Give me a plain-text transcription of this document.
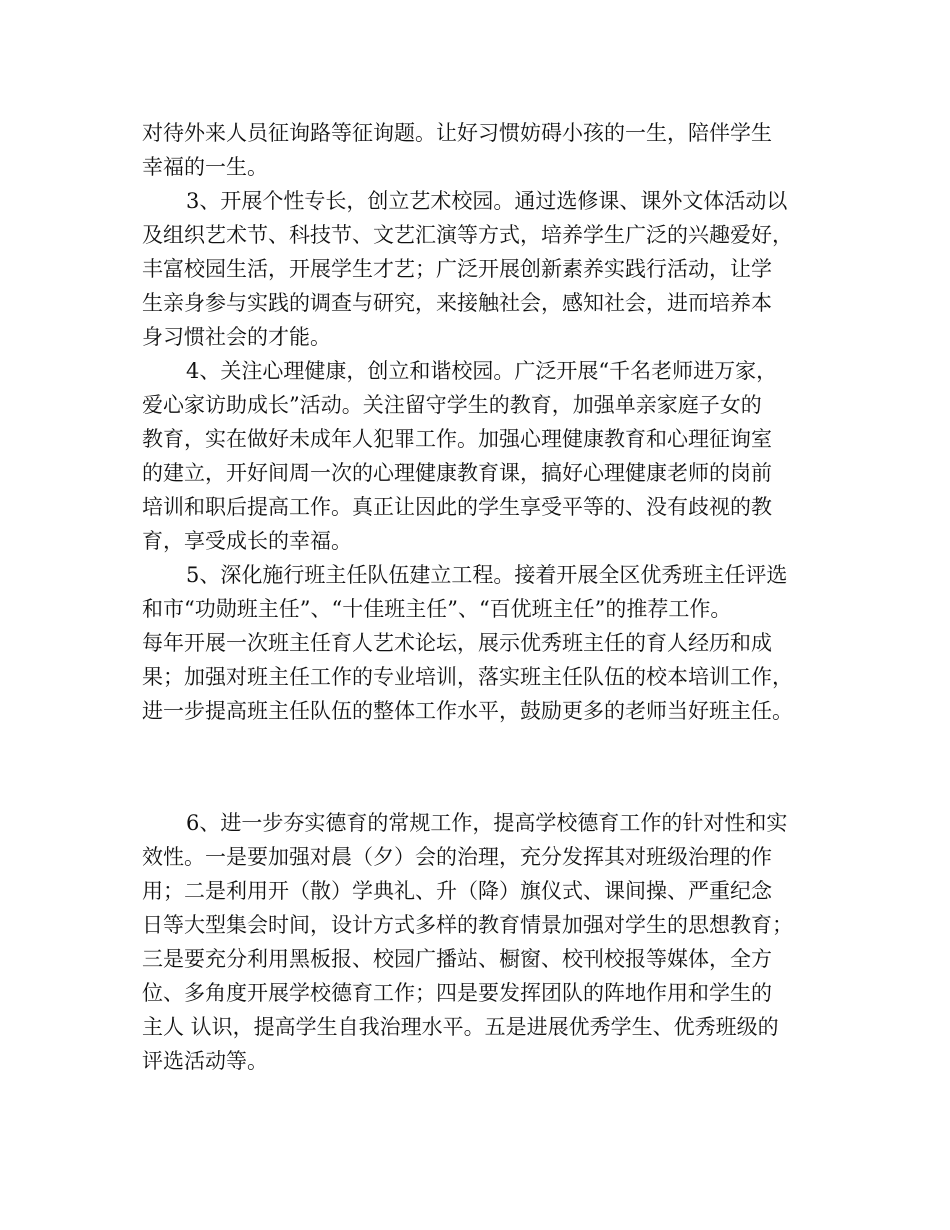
对待外来人员征询路等征询题。让好习惯妨碍小孩的一生，陪伴学生
幸福的一生。
3、开展个性专长，创立艺术校园。通过选修课、课外文体活动以
及组织艺术节、科技节、文艺汇演等方式，培养学生广泛的兴趣爱好，
丰富校园生活，开展学生才艺；广泛开展创新素养实践行活动，让学
生亲身参与实践的调查与研究，来接触社会，感知社会，进而培养本
身习惯社会的才能。
4、关注心理健康，创立和谐校园。广泛开展“千名老师进万家，
爱心家访助成长”活动。关注留守学生的教育，加强单亲家庭子女的
教育，实在做好未成年人犯罪工作。加强心理健康教育和心理征询室
的建立，开好间周一次的心理健康教育课，搞好心理健康老师的岗前
培训和职后提高工作。真正让因此的学生享受平等的、没有歧视的教
育，享受成长的幸福。
5、深化施行班主任队伍建立工程。接着开展全区优秀班主任评选
和市“功勋班主任”、“十佳班主任”、“百优班主任”的推荐工作。
每年开展一次班主任育人艺术论坛，展示优秀班主任的育人经历和成
果；加强对班主任工作的专业培训，落实班主任队伍的校本培训工作，
进一步提高班主任队伍的整体工作水平，鼓励更多的老师当好班主任。
6、进一步夯实德育的常规工作，提高学校德育工作的针对性和实
效性。一是要加强对晨（夕）会的治理，充分发挥其对班级治理的作
用；二是利用开（散）学典礼、升（降）旗仪式、课间操、严重纪念
日等大型集会时间，设计方式多样的教育情景加强对学生的思想教育；
三是要充分利用黑板报、校园广播站、橱窗、校刊校报等媒体，全方
位、多角度开展学校德育工作；四是要发挥团队的阵地作用和学生的
主人 认识，提高学生自我治理水平。五是进展优秀学生、优秀班级的
评选活动等。
